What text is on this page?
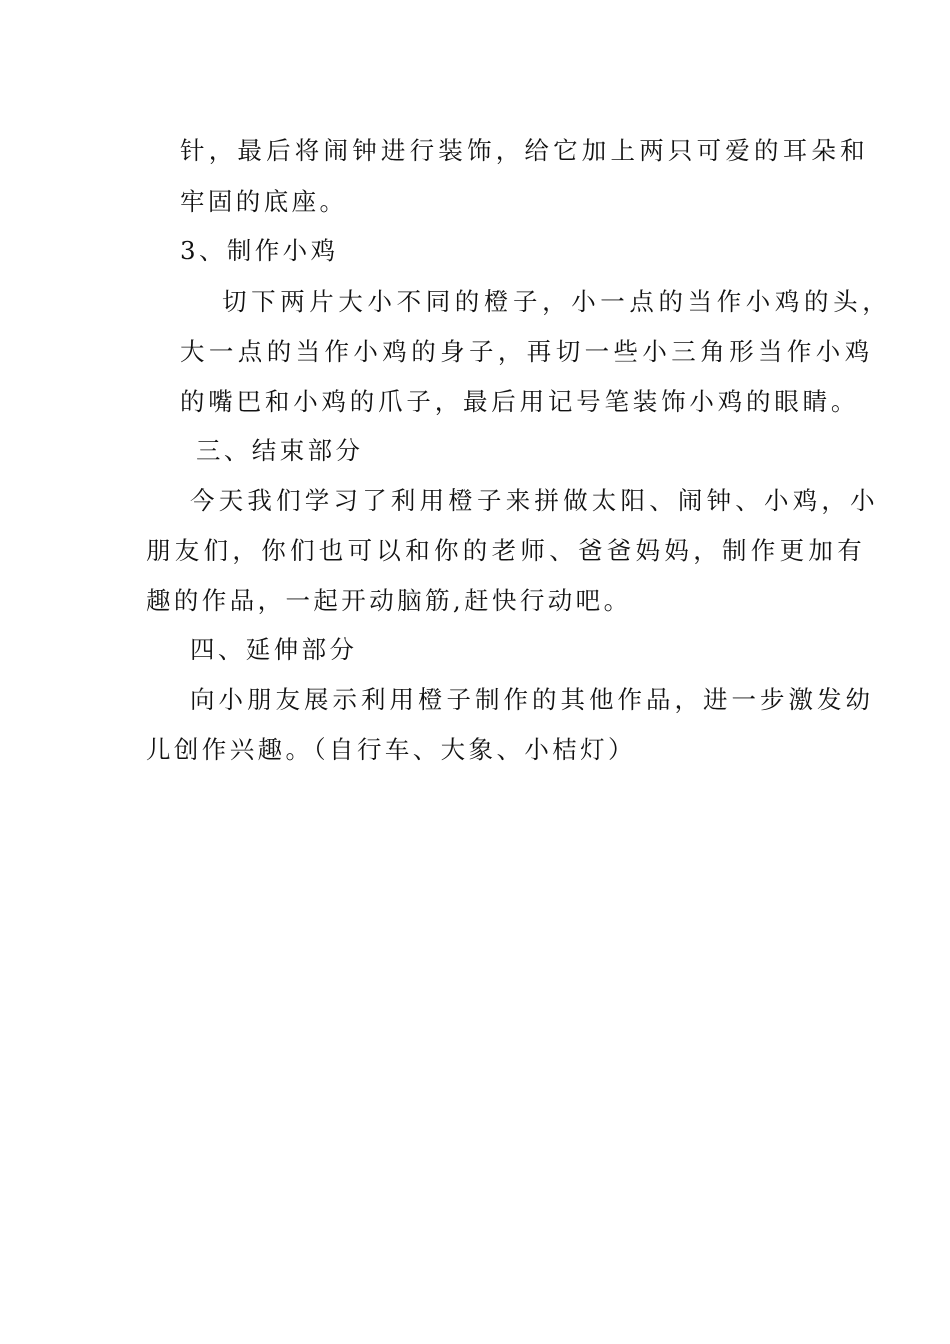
针，最后将闹钟进行装饰，给它加上两只可爱的耳朵和
牢固的底座。
3、制作小鸡
切下两片大小不同的橙子，小一点的当作小鸡的头，
大一点的当作小鸡的身子，再切一些小三角形当作小鸡
的嘴巴和小鸡的爪子，最后用记号笔装饰小鸡的眼睛。
三、结束部分
今天我们学习了利用橙子来拼做太阳、闹钟、小鸡，小
朋友们，你们也可以和你的老师、爸爸妈妈，制作更加有
趣的作品，一起开动脑筋,赶快行动吧。
四、延伸部分
向小朋友展示利用橙子制作的其他作品，进一步激发幼
儿创作兴趣。（自行车、大象、小桔灯）
